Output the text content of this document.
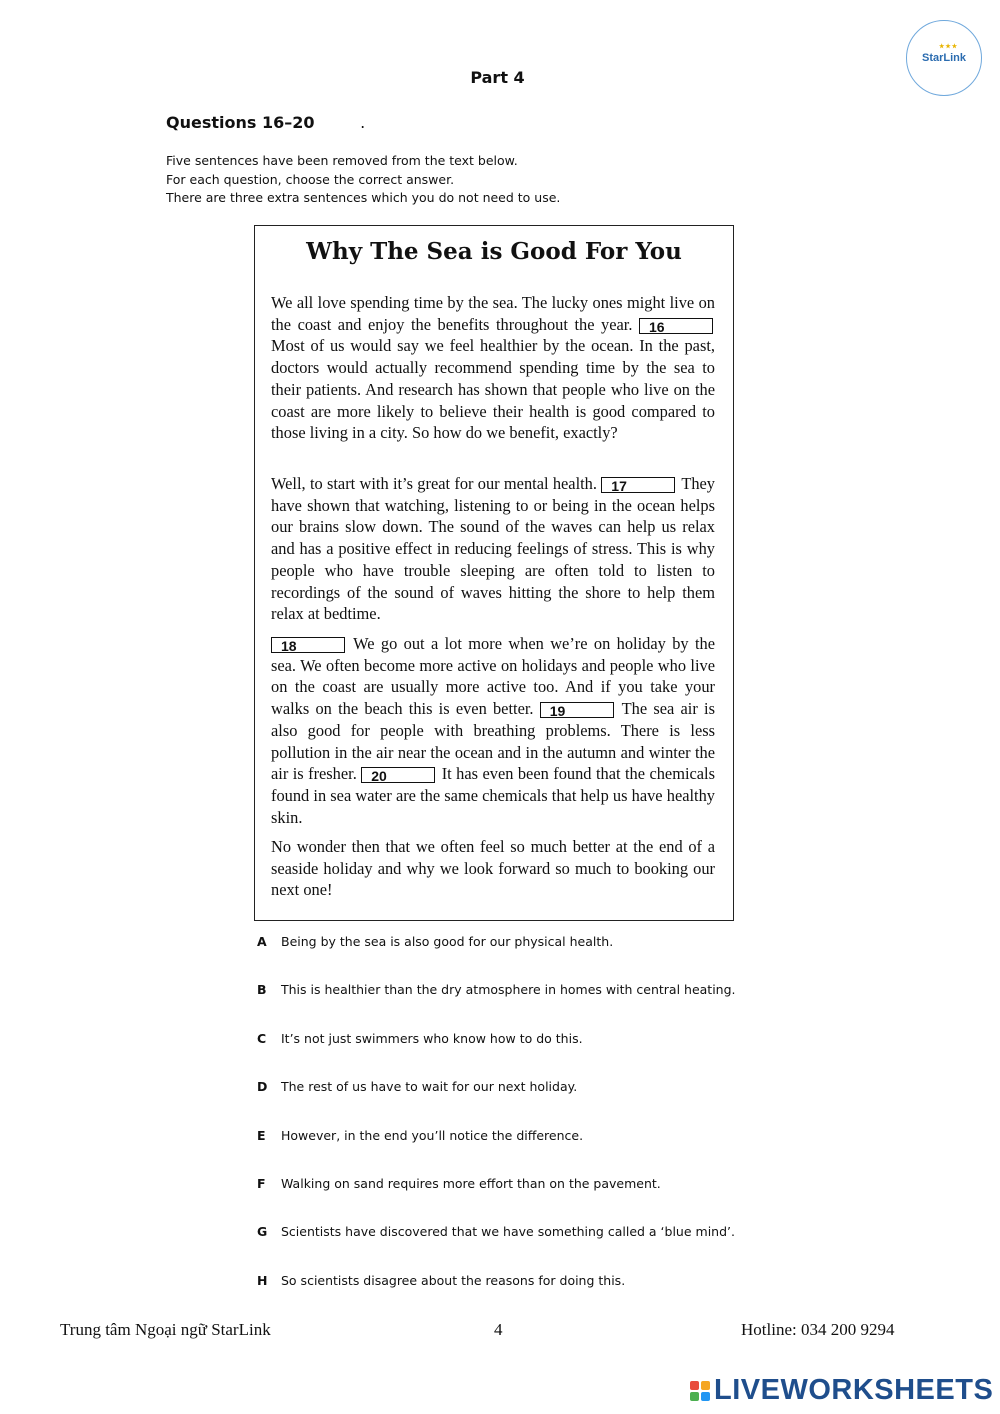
★★★
StarLink
Part 4
Questions 16–20	.
Five sentences have been removed from the text below.
For each question, choose the correct answer.
There are three extra sentences which you do not need to use.
Why The Sea is Good For You
We all love spending time by the sea. The lucky ones might live on the coast and enjoy the benefits throughout the year. 16 Most of us would say we feel healthier by the ocean. In the past, doctors would actually recommend spending time by the sea to their patients. And research has shown that people who live on the coast are more likely to believe their health is good compared to those living in a city. So how do we benefit, exactly?
Well, to start with it’s great for our mental health. 17	They have shown that watching, listening to or being in the ocean helps our brains slow down. The sound of the waves can help us relax and has a positive effect in reducing feelings of stress. This is why people who have trouble sleeping are often told to listen to recordings of the sound of waves hitting the shore to help them relax at bedtime.
18	We go out a lot more when we’re on holiday by the sea. We often become more active on holidays and people who live on the coast are usually more active too. And if you take your walks on the beach this is even better. 19	The sea air is also good for people with breathing problems. There is less pollution in the air near the ocean and in the autumn and winter the air is fresher. 20	It has even been found that the chemicals found in sea water are the same chemicals that help us have healthy skin.
No wonder then that we often feel so much better at the end of a seaside holiday and why we look forward so much to booking our next one!
A	Being by the sea is also good for our physical health.
B	This is healthier than the dry atmosphere in homes with central heating.
C	It’s not just swimmers who know how to do this.
D	The rest of us have to wait for our next holiday.
E	However, in the end you’ll notice the difference.
F	Walking on sand requires more effort than on the pavement.
G	Scientists have discovered that we have something called a ‘blue mind’.
H	So scientists disagree about the reasons for doing this.
Trung tâm Ngoại ngữ StarLink	4	Hotline: 034 200 9294
LIVEWORKSHEETS
